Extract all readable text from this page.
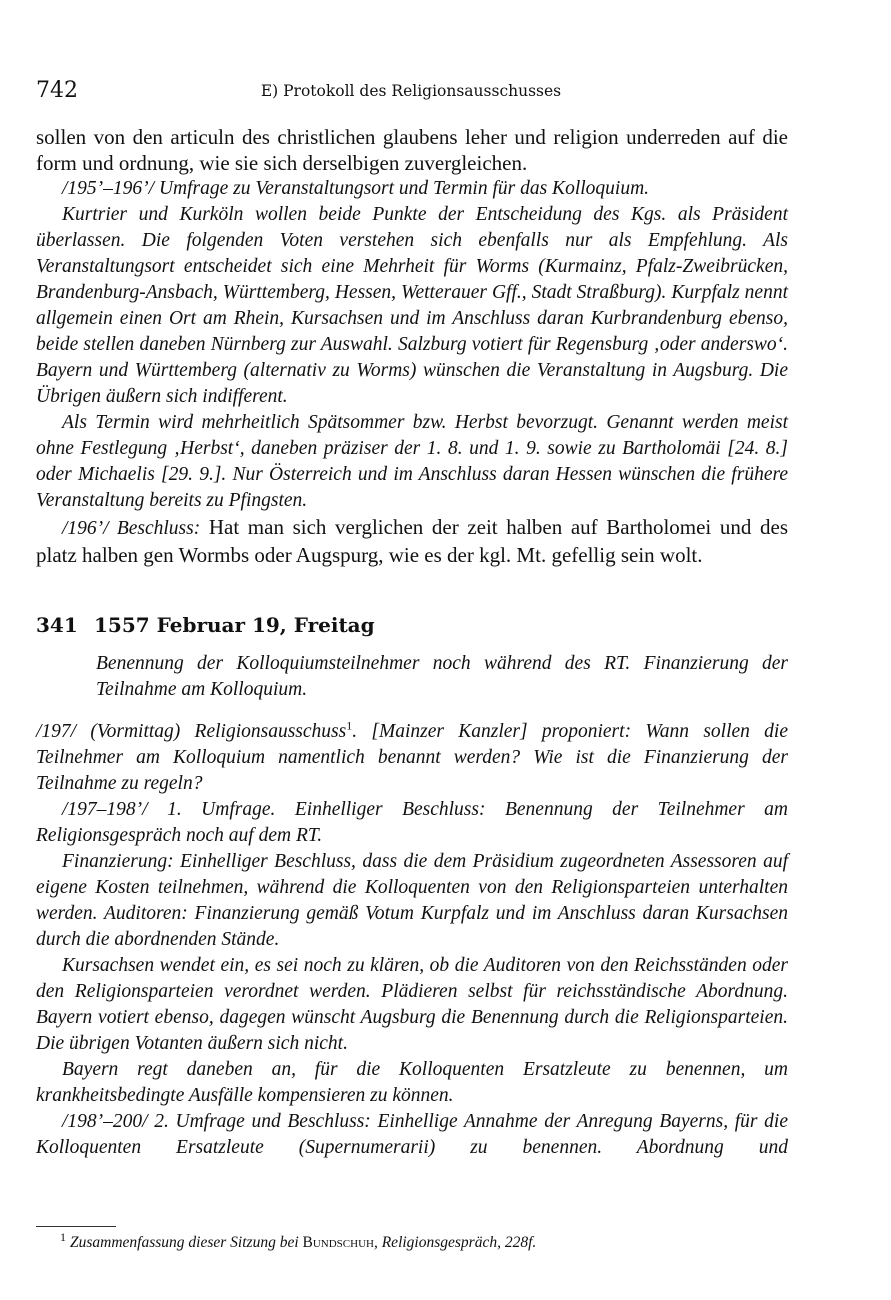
742	E) Protokoll des Religionsausschusses

sollen von den articuln des christlichen glaubens leher und religion underreden auf die form und ordnung, wie sie sich derselbigen zuvergleichen.

/195’–196’/ Umfrage zu Veranstaltungsort und Termin für das Kolloquium.

Kurtrier und Kurköln wollen beide Punkte der Entscheidung des Kgs. als Präsident überlassen. Die folgenden Voten verstehen sich ebenfalls nur als Empfehlung. Als Veranstaltungsort entscheidet sich eine Mehrheit für Worms (Kurmainz, Pfalz-Zweibrücken, Brandenburg-Ansbach, Württemberg, Hessen, Wetterauer Gff., Stadt Straßburg). Kurpfalz nennt allgemein einen Ort am Rhein, Kursachsen und im Anschluss daran Kurbrandenburg ebenso, beide stellen daneben Nürnberg zur Auswahl. Salzburg votiert für Regensburg ‚oder anderswo‘. Bayern und Württemberg (alternativ zu Worms) wünschen die Veranstaltung in Augsburg. Die Übrigen äußern sich indifferent.

Als Termin wird mehrheitlich Spätsommer bzw. Herbst bevorzugt. Genannt werden meist ohne Festlegung ‚Herbst‘, daneben präziser der 1. 8. und 1. 9. sowie zu Bartholomäi [24. 8.] oder Michaelis [29. 9.]. Nur Österreich und im Anschluss daran Hessen wünschen die frühere Veranstaltung bereits zu Pfingsten.

/196’/ Beschluss: Hat man sich verglichen der zeit halben auf Bartholomei und des platz halben gen Wormbs oder Augspurg, wie es der kgl. Mt. gefellig sein wolt.

341 1557 Februar 19, Freitag

Benennung der Kolloquiumsteilnehmer noch während des RT. Finanzierung der Teilnahme am Kolloquium.

/197/ (Vormittag) Religionsausschuss$^1$. [Mainzer Kanzler] proponiert: Wann sollen die Teilnehmer am Kolloquium namentlich benannt werden? Wie ist die Finanzierung der Teilnahme zu regeln?

/197–198’/ 1. Umfrage. Einhelliger Beschluss: Benennung der Teilnehmer am Religionsgespräch noch auf dem RT.

Finanzierung: Einhelliger Beschluss, dass die dem Präsidium zugeordneten Assessoren auf eigene Kosten teilnehmen, während die Kolloquenten von den Religionsparteien unterhalten werden. Auditoren: Finanzierung gemäß Votum Kurpfalz und im Anschluss daran Kursachsen durch die abordnenden Stände.

Kursachsen wendet ein, es sei noch zu klären, ob die Auditoren von den Reichsständen oder den Religionsparteien verordnet werden. Plädieren selbst für reichsständische Abordnung. Bayern votiert ebenso, dagegen wünscht Augsburg die Benennung durch die Religionsparteien. Die übrigen Votanten äußern sich nicht.

Bayern regt daneben an, für die Kolloquenten Ersatzleute zu benennen, um krankheitsbedingte Ausfälle kompensieren zu können.

/198’–200/ 2. Umfrage und Beschluss: Einhellige Annahme der Anregung Bayerns, für die Kolloquenten Ersatzleute (Supernumerarii) zu benennen. Abordnung und

$^1$ Zusammenfassung dieser Sitzung bei Bundschuh, Religionsgespräch, 228f.
